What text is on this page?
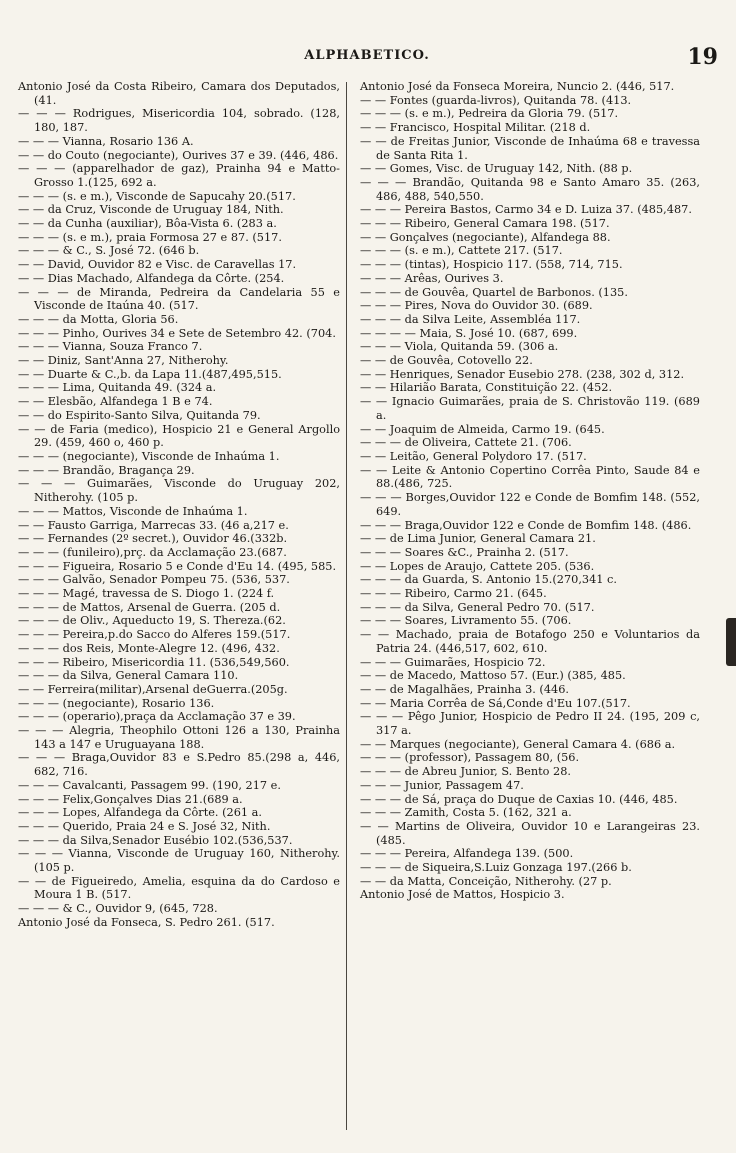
ALPHABETICO.	19

Antonio José da Costa Ribeiro, Camara dos Deputados, (41.

— — — Rodrigues, Misericordia 104, sobrado. (128, 180, 187.

— — — Vianna, Rosario 136 A.

— — do Couto (negociante), Ourives 37 e 39. (446, 486.

— — — (apparelhador de gaz), Prainha 94 e Matto-Grosso 1.(125, 692 a.

— — — (s. e m.), Visconde de Sapucahy 20.(517.

— — da Cruz, Visconde de Uruguay 184, Nith.

— — da Cunha (auxiliar), Bôa-Vista 6. (283 a.

— — — (s. e m.), praia Formosa 27 e 87. (517.

— — — & C., S. José 72. (646 b.

— — David, Ouvidor 82 e Visc. de Caravellas 17.

— — Dias Machado, Alfandega da Côrte. (254.

— — — de Miranda, Pedreira da Candelaria 55 e Visconde de Itaúna 40. (517.

— — — da Motta, Gloria 56.

— — — Pinho, Ourives 34 e Sete de Setembro 42. (704.

— — — Vianna, Souza Franco 7.

— — Diniz, Sant'Anna 27, Nitherohy.

— — Duarte & C.,b. da Lapa 11.(487,495,515.

— — — Lima, Quitanda 49. (324 a.

— — Elesbão, Alfandega 1 B e 74.

— — do Espirito-Santo Silva, Quitanda 79.

— — de Faria (medico), Hospicio 21 e General Argollo 29. (459, 460 o, 460 p.

— — — (negociante), Visconde de Inhaúma 1.

— — — Brandão, Bragança 29.

— — — Guimarães, Visconde do Uruguay 202, Nitherohy. (105 p.

— — — Mattos, Visconde de Inhaúma 1.

— — Fausto Garriga, Marrecas 33. (46 a,217 e.

— — Fernandes (2º secret.), Ouvidor 46.(332b.

— — — (funileiro),prç. da Acclamação 23.(687.

— — — Figueira, Rosario 5 e Conde d'Eu 14. (495, 585.

— — — Galvão, Senador Pompeu 75. (536, 537.

— — — Magé, travessa de S. Diogo 1. (224 f.

— — — de Mattos, Arsenal de Guerra. (205 d.

— — — de Oliv., Aqueducto 19, S. Thereza.(62.

— — — Pereira,p.do Sacco do Alferes 159.(517.

— — — dos Reis, Monte-Alegre 12. (496, 432.

— — — Ribeiro, Misericordia 11. (536,549,560.

— — — da Silva, General Camara 110.

— — Ferreira(militar),Arsenal deGuerra.(205g.

— — — (negociante), Rosario 136.

— — — (operario),praça da Acclamação 37 e 39.

— — — Alegria, Theophilo Ottoni 126 a 130, Prainha 143 a 147 e Uruguayana 188.

— — — Braga,Ouvidor 83 e S.Pedro 85.(298 a, 446, 682, 716.

— — — Cavalcanti, Passagem 99. (190, 217 e.

— — — Felix,Gonçalves Dias 21.(689 a.

— — — Lopes, Alfandega da Côrte. (261 a.

— — — Querido, Praia 24 e S. José 32, Nith.

— — — da Silva,Senador Eusébio 102.(536,537.

— — — Vianna, Visconde de Uruguay 160, Nitherohy. (105 p.

— — de Figueiredo, Amelia, esquina da do Cardoso e Moura 1 B. (517.

— — — & C., Ouvidor 9, (645, 728.

Antonio José da Fonseca, S. Pedro 261. (517.

Antonio José da Fonseca Moreira, Nuncio 2. (446, 517.

— — Fontes (guarda-livros), Quitanda 78. (413.

— — — (s. e m.), Pedreira da Gloria 79. (517.

— — Francisco, Hospital Militar. (218 d.

— — de Freitas Junior, Visconde de Inhaúma 68 e travessa de Santa Rita 1.

— — Gomes, Visc. de Uruguay 142, Nith. (88 p.

— — — Brandão, Quitanda 98 e Santo Amaro 35. (263, 486, 488, 540,550.

— — — Pereira Bastos, Carmo 34 e D. Luiza 37. (485,487.

— — — Ribeiro, General Camara 198. (517.

— — Gonçalves (negociante), Alfandega 88.

— — — (s. e m.), Cattete 217. (517.

— — — (tintas), Hospicio 117. (558, 714, 715.

— — — Arêas, Ourives 3.

— — — de Gouvêa, Quartel de Barbonos. (135.

— — — Pires, Nova do Ouvidor 30. (689.

— — — da Silva Leite, Assembléa 117.

— — — — Maia, S. José 10. (687, 699.

— — — Viola, Quitanda 59. (306 a.

— — de Gouvêa, Cotovello 22.

— — Henriques, Senador Eusebio 278. (238, 302 d, 312.

— — Hilarião Barata, Constituição 22. (452.

— — Ignacio Guimarães, praia de S. Christovão 119. (689 a.

— — Joaquim de Almeida, Carmo 19. (645.

— — — de Oliveira, Cattete 21. (706.

— — Leitão, General Polydoro 17. (517.

— — Leite & Antonio Copertino Corrêa Pinto, Saude 84 e 88.(486, 725.

— — — Borges,Ouvidor 122 e Conde de Bomfim 148. (552, 649.

— — — Braga,Ouvidor 122 e Conde de Bomfim 148. (486.

— — de Lima Junior, General Camara 21.

— — — Soares &C., Prainha 2. (517.

— — Lopes de Araujo, Cattete 205. (536.

— — — da Guarda, S. Antonio 15.(270,341 c.

— — — Ribeiro, Carmo 21. (645.

— — — da Silva, General Pedro 70. (517.

— — — Soares, Livramento 55. (706.

— — Machado, praia de Botafogo 250 e Voluntarios da Patria 24. (446,517, 602, 610.

— — — Guimarães, Hospicio 72.

— — de Macedo, Mattoso 57. (Eur.) (385, 485.

— — de Magalhães, Prainha 3. (446.

— — Maria Corrêa de Sá,Conde d'Eu 107.(517.

— — — Pêgo Junior, Hospicio de Pedro II 24. (195, 209 c, 317 a.

— — Marques (negociante), General Camara 4. (686 a.

— — — (professor), Passagem 80, (56.

— — — de Abreu Junior, S. Bento 28.

— — — Junior, Passagem 47.

— — — de Sá, praça do Duque de Caxias 10. (446, 485.

— — — Zamith, Costa 5. (162, 321 a.

— — Martins de Oliveira, Ouvidor 10 e Larangeiras 23. (485.

— — — Pereira, Alfandega 139. (500.

— — — de Siqueira,S.Luiz Gonzaga 197.(266 b.

— — da Matta, Conceição, Nitherohy. (27 p.

Antonio José de Mattos, Hospicio 3.
